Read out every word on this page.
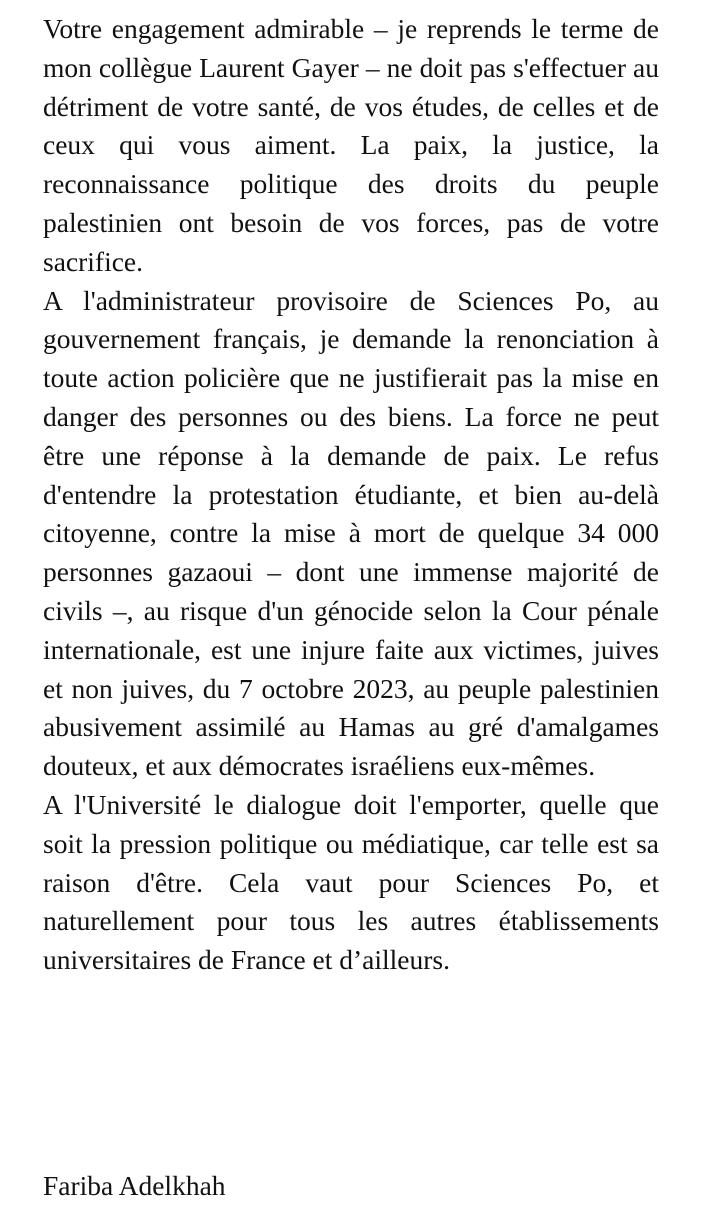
Votre engagement admirable – je reprends le terme de mon collègue Laurent Gayer – ne doit pas s'effectuer au détriment de votre santé, de vos études, de celles et de ceux qui vous aiment. La paix, la justice, la reconnaissance politique des droits du peuple palestinien ont besoin de vos forces, pas de votre sacrifice.

A l'administrateur provisoire de Sciences Po, au gouvernement français, je demande la renonciation à toute action policière que ne justifierait pas la mise en danger des personnes ou des biens. La force ne peut être une réponse à la demande de paix. Le refus d'entendre la protestation étudiante, et bien au-delà citoyenne, contre la mise à mort de quelque 34 000 personnes gazaoui – dont une immense majorité de civils –, au risque d'un génocide selon la Cour pénale internationale, est une injure faite aux victimes, juives et non juives, du 7 octobre 2023, au peuple palestinien abusivement assimilé au Hamas au gré d'amalgames douteux, et aux démocrates israéliens eux-mêmes.

A l'Université le dialogue doit l'emporter, quelle que soit la pression politique ou médiatique, car telle est sa raison d'être. Cela vaut pour Sciences Po, et naturellement pour tous les autres établissements universitaires de France et d’ailleurs.

Fariba Adelkhah
